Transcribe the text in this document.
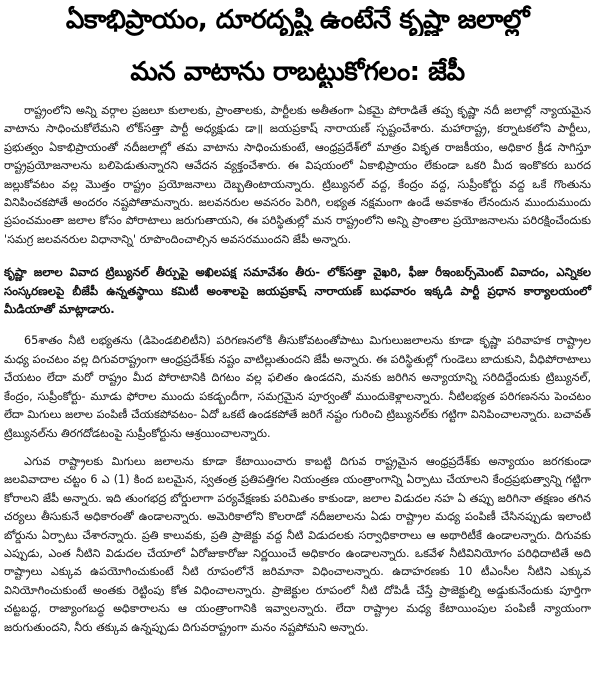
ఏకాభిప్రాయం, దూరదృష్టి ఉంటేనే కృష్ణా జలాల్లో
మన వాటాను రాబట్టుకోగలం: జేపీ

రాష్ట్రంలోని అన్ని వర్గాల ప్రజలూ కులాలకు, ప్రాంతాలకు, పార్టీలకు అతీతంగా ఏకమై పోరాడితే తప్ప కృష్ణా నదీ జలాల్లో న్యాయమైన వాటాను సాధించుకోలేమని లోక్‌సత్తా పార్టీ అధ్యక్షుడు డా॥ జయప్రకాష్ నారాయణ్ స్పష్టంచేశారు. మహారాష్ట్ర, కర్నాటకలోని పార్టీలు, ప్రభుత్వం ఏకాభిప్రాయంతో నదీజలాల్లో తమ వాటాను సాధించుకుంటే, ఆంధ్రప్రదేశ్‌లో మాత్రం వికృత రాజకీయం, అధికార క్రీడ సాగిస్తూ రాష్ట్రప్రయోజనాలను బలిపెడుతున్నారని ఆవేదన వ్యక్తంచేశారు. ఈ విషయంలో ఏకాభిప్రాయం లేకుండా ఒకరి మీద ఇంకొకరు బురద జల్లుకోవటం వల్ల మొత్తం రాష్ట్రం ప్రయోజనాలు దెబ్బతింటాయన్నారు. ట్రిబ్యునల్ వద్ద, కేంద్రం వద్ద, సుప్రీంకోర్టు వద్ద ఒకే గొంతును వినిపించకపోతే అందరం నష్టపోతామన్నారు. జలవనరుల అవసరం పెరిగి, లభ్యత నక్షమంగా ఉండే అవకాశం లేనందున ముందుముందు ప్రపంచమంతా జలాల కోసం పోరాటాలు జరుగుతాయని, ఈ పరిస్థితుల్లో మన రాష్ట్రంలోని అన్ని ప్రాంతాల ప్రయోజనాలను పరిరక్షించేందుకు 'సమగ్ర జలవనరుల విధానాన్ని' రూపొందించాల్సిన అవసరముందని జేపీ అన్నారు.

కృష్ణా జలాల వివాద ట్రిబ్యునల్ తీర్పుపై అఖిలపక్ష సమావేశం తీరు- లోక్‌సత్తా వైఖరి, ఫీజు రీఇంబర్స్‌మెంట్ వివాదం, ఎన్నికల సంస్కరణలపై బీజేపీ ఉన్నతస్థాయి కమిటీ అంశాలపై జయప్రకాష్ నారాయణ్ బుధవారం ఇక్కడి పార్టీ ప్రధాన కార్యాలయంలో మీడియాతో మాట్లాడారు.

65శాతం నీటి లభ్యతను (డిపెండబిలిటీని) పరిగణనలోకి తీసుకోవటంతోపాటు మిగులుజలాలను కూడా కృష్ణా పరివాహక రాష్ట్రాల మధ్య పంచటం వల్ల దిగువరాష్ట్రంగా ఆంధ్రప్రదేశ్‌కు నష్టం వాటిల్లుతుందని జేపీ అన్నారు. ఈ పరిస్థితుల్లో గుండెలు బాదుకుని, వీధిపోరాటాలు చేయటం లేదా మరో రాష్ట్రం మీద పోరాటానికి దిగటం వల్ల ఫలితం ఉండదని, మనకు జరిగిన అన్యాయాన్ని సరిదిద్దేందుకు ట్రిబ్యునల్, కేంద్రం, సుప్రీంకోర్టు- మూడు ఫోరాల ముందు పకడ్బందీగా, సమగ్రమైన పూర్వంతో ముందుకెళ్లాలన్నారు. నీటిలభ్యత పరిగణనను పెంచటం లేదా మిగులు జలాల పంపిణీ చేయకపోవటం- ఏదో ఒకటే ఉండకపోతే జరిగే నష్టం గురించి ట్రిబ్యునల్‌కు గట్టిగా వినిపించాలన్నారు. బచావత్ ట్రిబ్యునల్‌ను తిరగదోడటంపై సుప్రీంకోర్టును ఆశ్రయించాలన్నారు.

ఎగువ రాష్ట్రాలకు మిగులు జలాలను కూడా కేటాయించారు కాబట్టి దిగువ రాష్ట్రమైన ఆంధ్రప్రదేశ్‌కు అన్యాయం జరగకుండా జలవివాదాల చట్టం 6 ఎ (1) కింద బలమైన, స్వతంత్ర ప్రతిపత్తిగల నియంత్రణ యంత్రాంగాన్ని ఏర్పాటు చేయాలని కేంద్రప్రభుత్వాన్ని గట్టిగా కోరాలని జేపీ అన్నారు. ఇది తుంగభద్ర బోర్డులాగా పర్యవేక్షణకు పరిమితం కాకుండా, జలాల విడుదల నహ ఏ తప్పు జరిగినా తక్షణం తగిన చర్యలు తీసుకునే అధికారంతో ఉండాలన్నారు. అమెరికాలోని కొలరాడో నదీజలాలను ఏడు రాష్ట్రాల మధ్య పంపిణీ చేసినప్పుడు ఇలాంటి బోర్డును ఏర్పాటు చేశారన్నారు. ప్రతి కాలువకు, ప్రతి ప్రాజెక్టు వద్ద నీటి విడుదలకు సర్వాధికారాలు ఆ అథారిటీకే ఉండాలన్నారు. దిగువకు ఎప్పుడు, ఎంత నీటిని విడుదల చేయాలో ఏరోజుకారోజు నిర్ణయించే అధికారం ఉండాలన్నారు. ఒకవేళ నీటివినియోగం పరిధిదాటితే అది రాష్ట్రాలు ఎక్కువ ఉపయోగించుకుంటే నీటి రూపంలోనే జరిమానా విధించాలన్నారు. ఉదాహరణకు 10 టీఎంసీల నీటిని ఎక్కువ వినియోగించుకుంటే అంతకు రెట్టింపు కోత విధించాలన్నారు. ప్రాజెక్టుల రూపంలో నీటి దోపిడీ చేస్తే ప్రాజెక్టుల్ని అడ్డుకునేందుకు పూర్తిగా చట్టబద్ధ, రాజ్యాంగబద్ధ అధికారాలను ఆ యంత్రాంగానికి ఇవ్వాలన్నారు. లేదా రాష్ట్రాల మధ్య కేటాయింపుల పంపిణీ న్యాయంగా జరుగుతుందని, నీరు తక్కువ ఉన్నప్పుడు దిగువరాష్ట్రంగా మనం నష్టపోమని అన్నారు.
